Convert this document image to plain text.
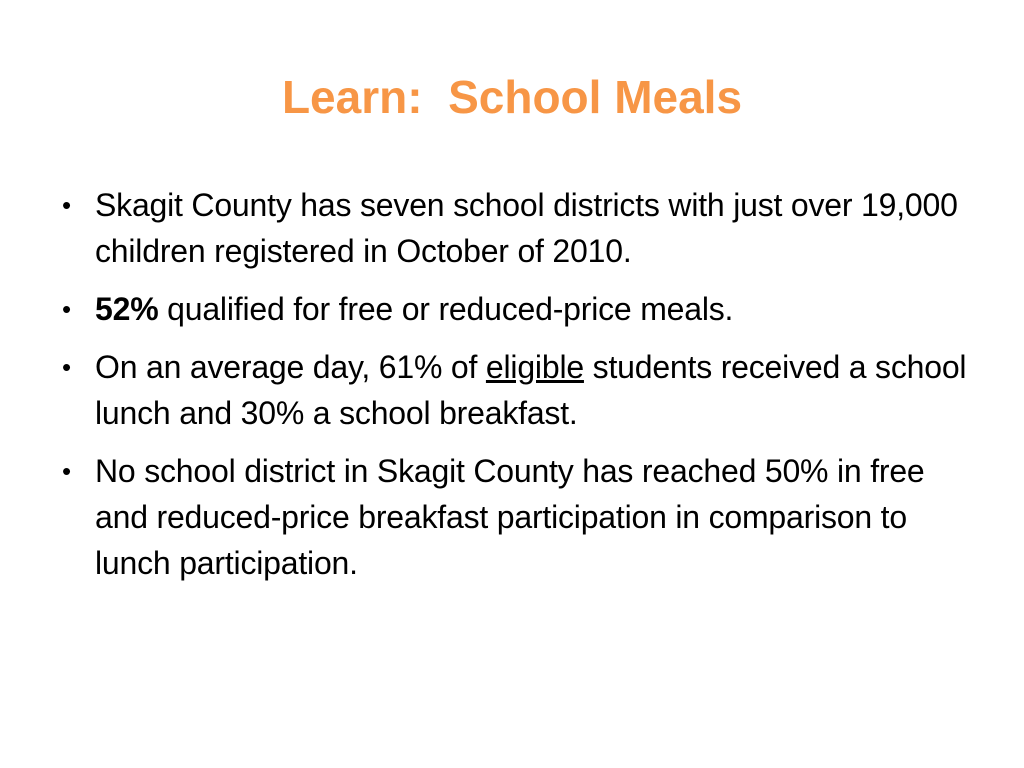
Learn:  School Meals
• Skagit County has seven school districts with just over 19,000 children registered in October of 2010.
• 52% qualified for free or reduced-price meals.
• On an average day, 61% of eligible students received a school lunch and 30% a school breakfast.
• No school district in Skagit County has reached 50% in free and reduced-price breakfast participation in comparison to lunch participation.
